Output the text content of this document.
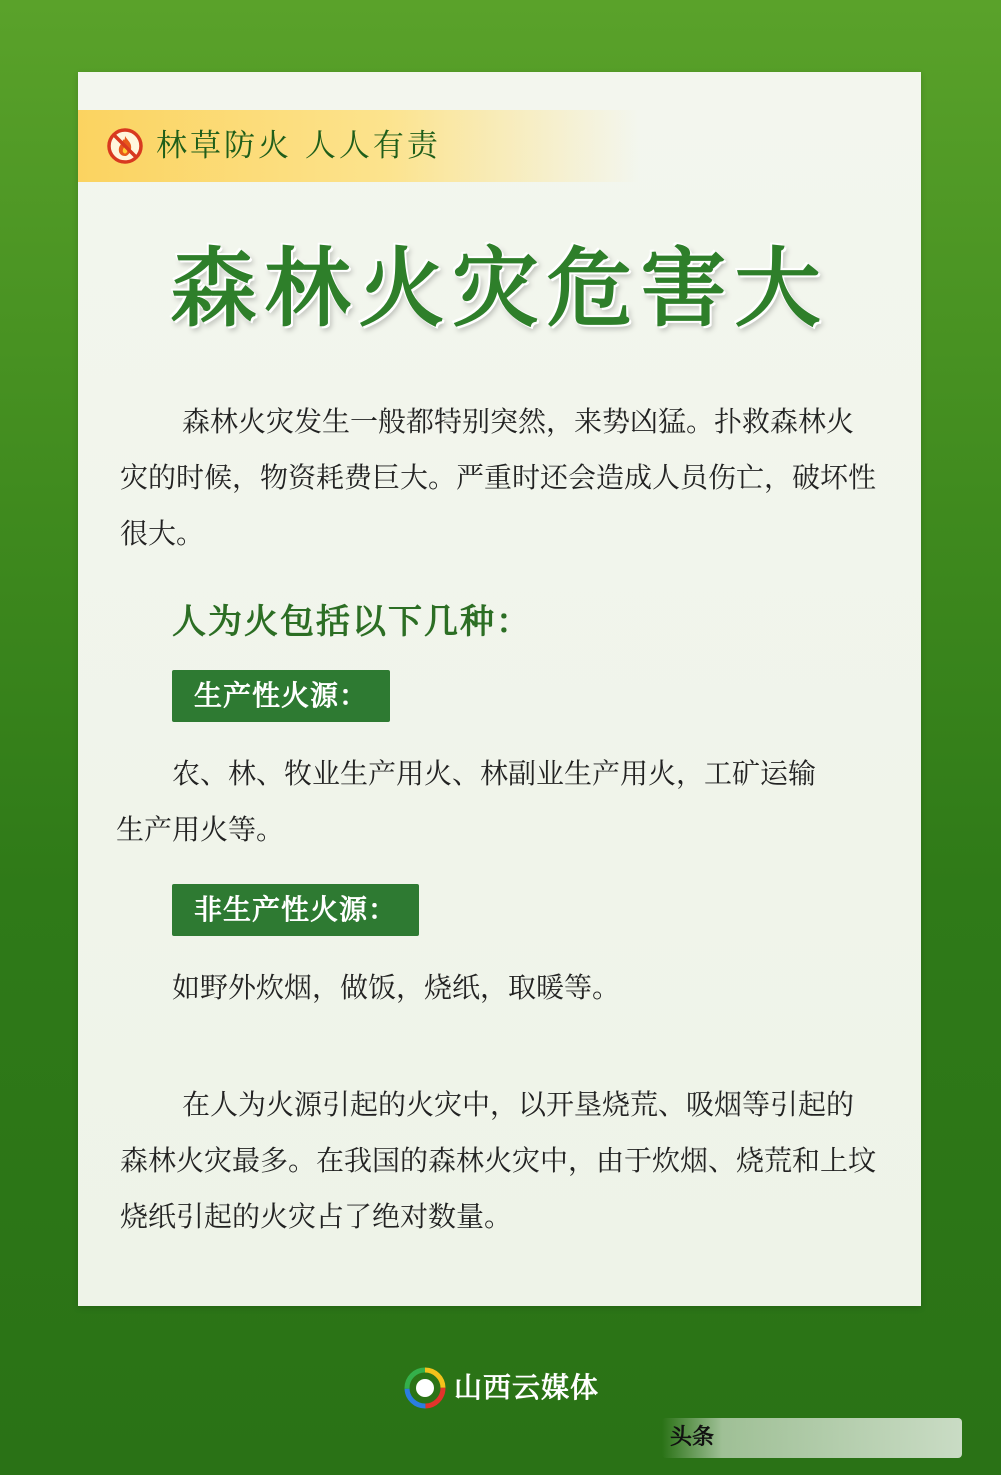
林草防火 人人有责
森林火灾危害大

森林火灾发生一般都特别突然，来势凶猛。扑救森林火灾的时候，物资耗费巨大。严重时还会造成人员伤亡，破坏性很大。

人为火包括以下几种：
生产性火源：

农、林、牧业生产用火、林副业生产用火，工矿运输生产用火等。

非生产性火源：

如野外炊烟，做饭，烧纸，取暖等。

在人为火源引起的火灾中，以开垦烧荒、吸烟等引起的森林火灾最多。在我国的森林火灾中，由于炊烟、烧荒和上坟烧纸引起的火灾占了绝对数量。

山西云媒体
头条
